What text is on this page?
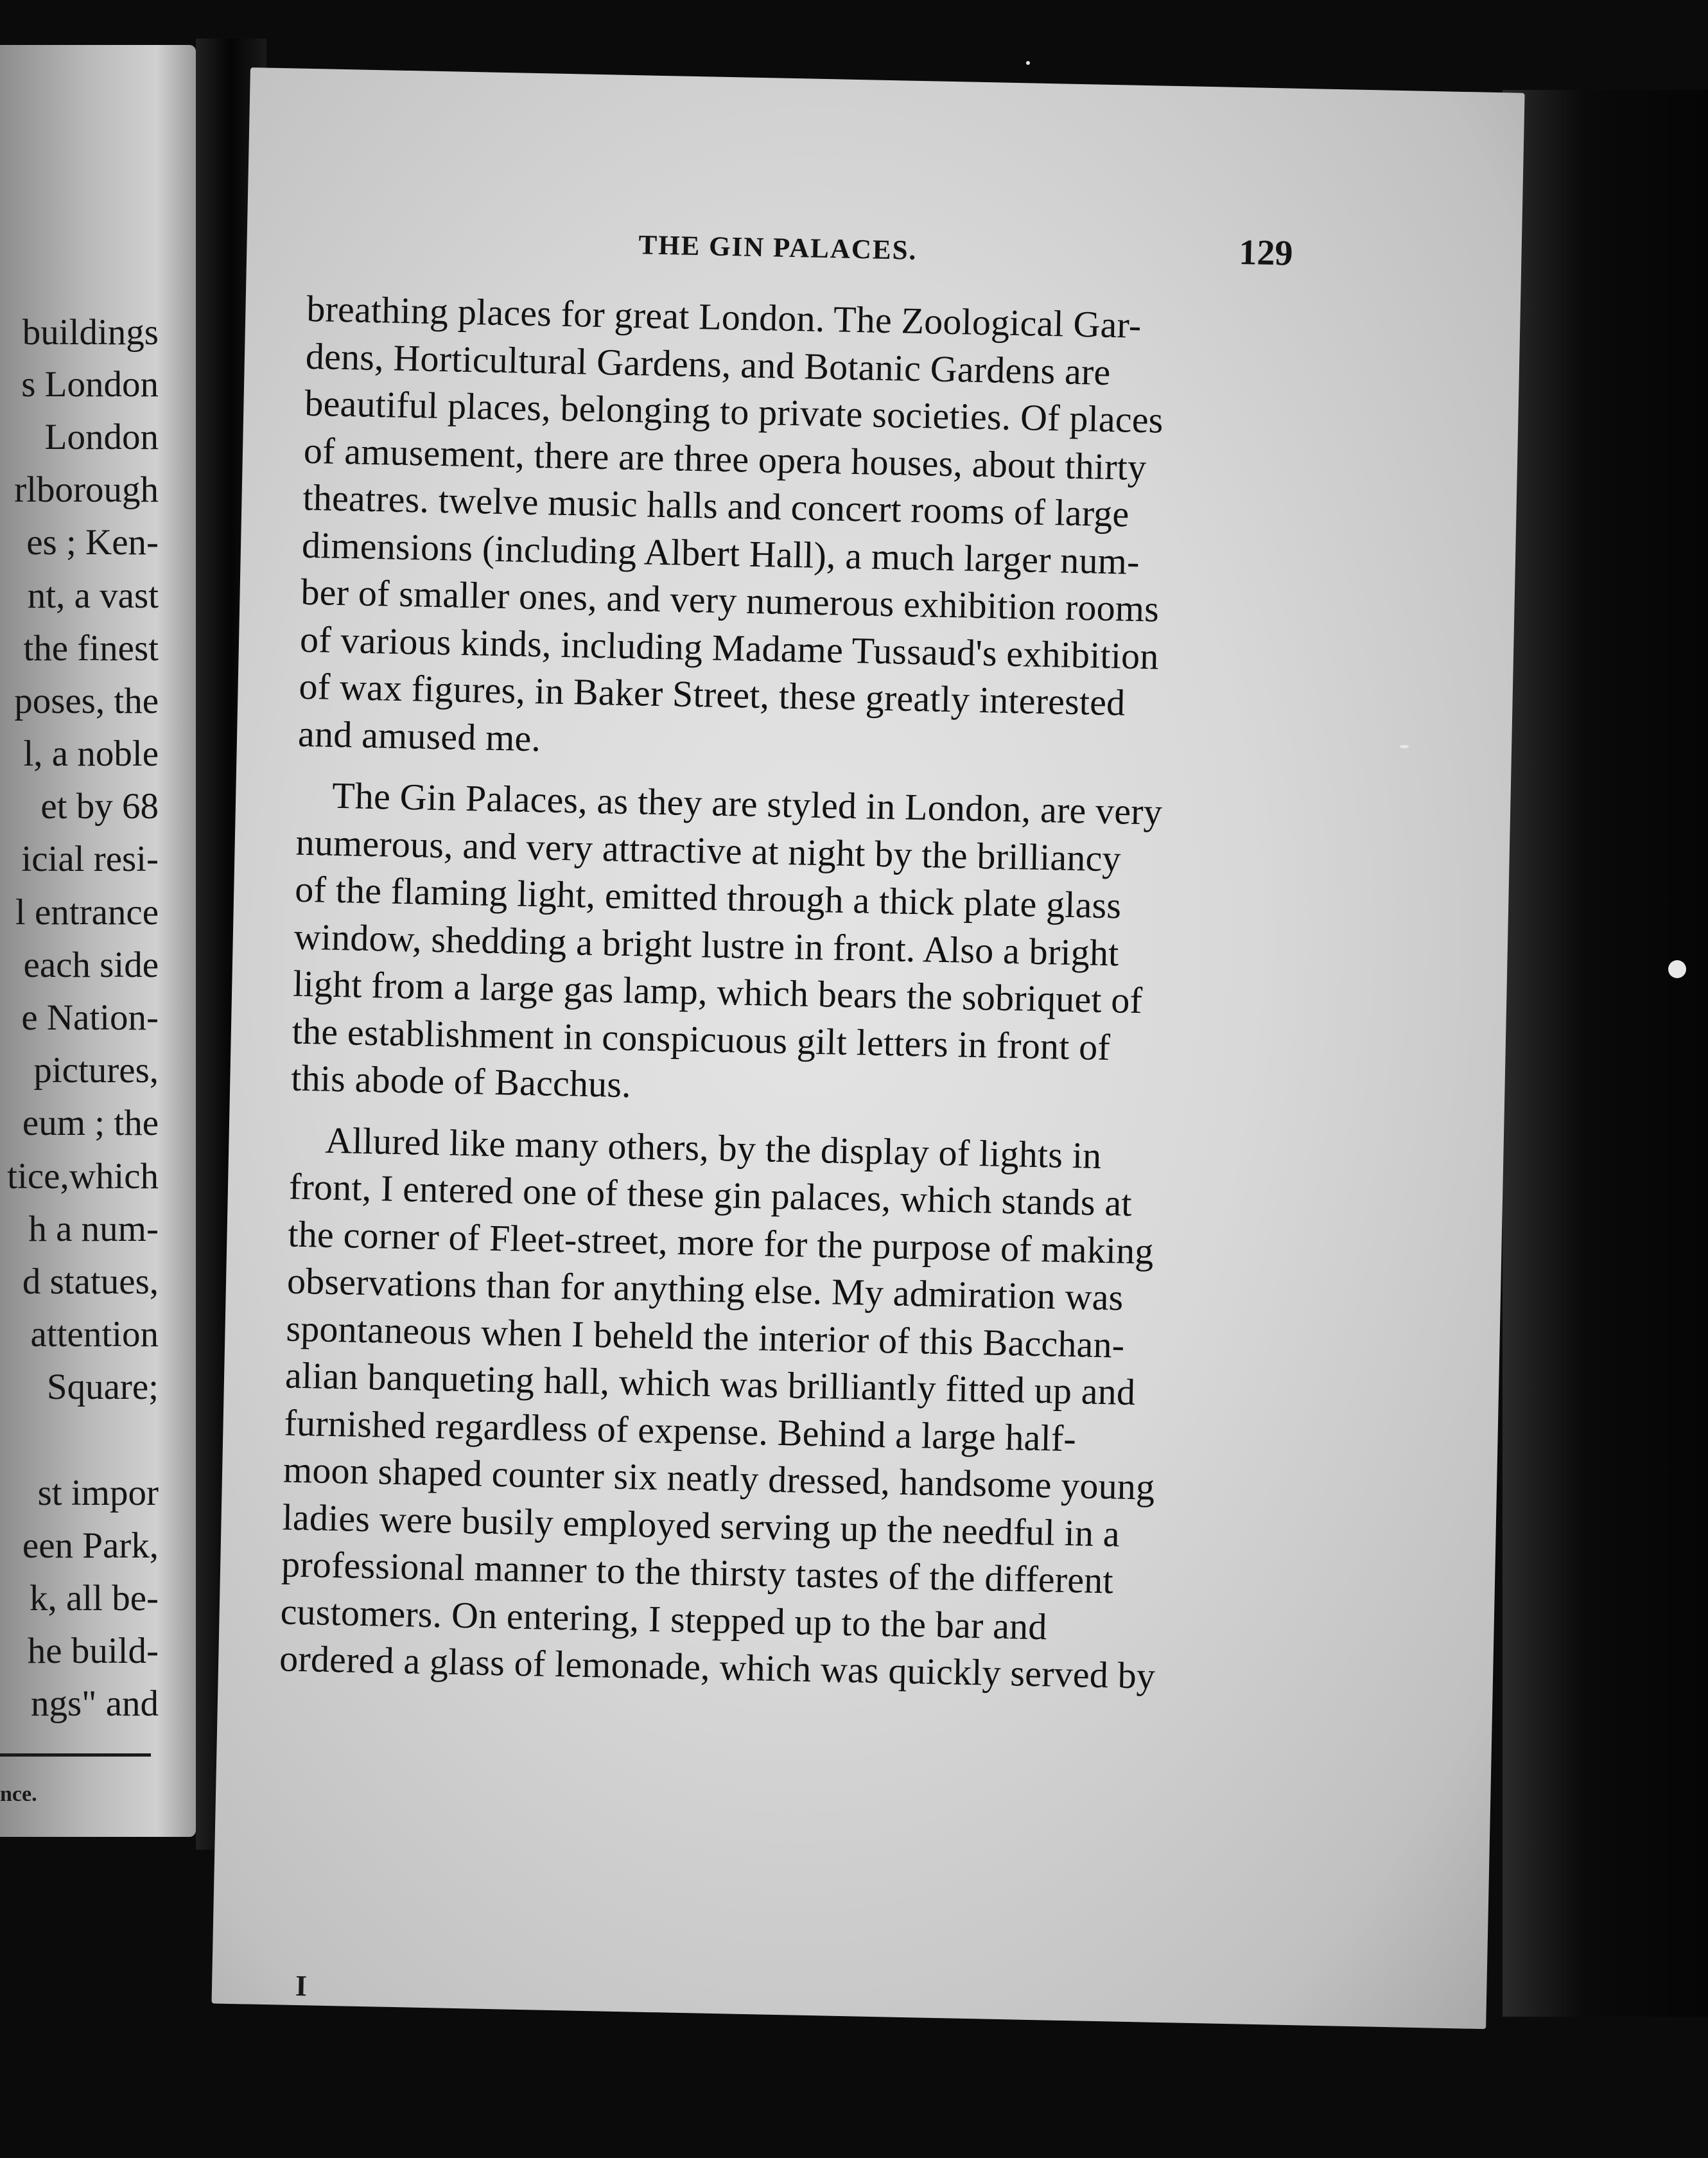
buildings
s London
London
rlborough
es ; Ken-
nt, a vast
the finest
poses, the
l, a noble
et by 68
icial resi-
l entrance
each side
e Nation-
pictures,
eum ; the
tice,which
h a num-
d statues,
attention
Square;
st impor
een Park,
k, all be-
he build-
ngs" and
nce.
THE GIN PALACES.	129
breathing places for great London. The Zoological Gar-
dens, Horticultural Gardens, and Botanic Gardens are
beautiful places, belonging to private societies. Of places
of amusement, there are three opera houses, about thirty
theatres. twelve music halls and concert rooms of large
dimensions (including Albert Hall), a much larger num-
ber of smaller ones, and very numerous exhibition rooms
of various kinds, including Madame Tussaud's exhibition
of wax figures, in Baker Street, these greatly interested
and amused me.
The Gin Palaces, as they are styled in London, are very
numerous, and very attractive at night by the brilliancy
of the flaming light, emitted through a thick plate glass
window, shedding a bright lustre in front. Also a bright
light from a large gas lamp, which bears the sobriquet of
the establishment in conspicuous gilt letters in front of
this abode of Bacchus.
Allured like many others, by the display of lights in
front, I entered one of these gin palaces, which stands at
the corner of Fleet-street, more for the purpose of making
observations than for anything else. My admiration was
spontaneous when I beheld the interior of this Bacchan-
alian banqueting hall, which was brilliantly fitted up and
furnished regardless of expense. Behind a large half-
moon shaped counter six neatly dressed, handsome young
ladies were busily employed serving up the needful in a
professional manner to the thirsty tastes of the different
customers. On entering, I stepped up to the bar and
ordered a glass of lemonade, which was quickly served by
I
